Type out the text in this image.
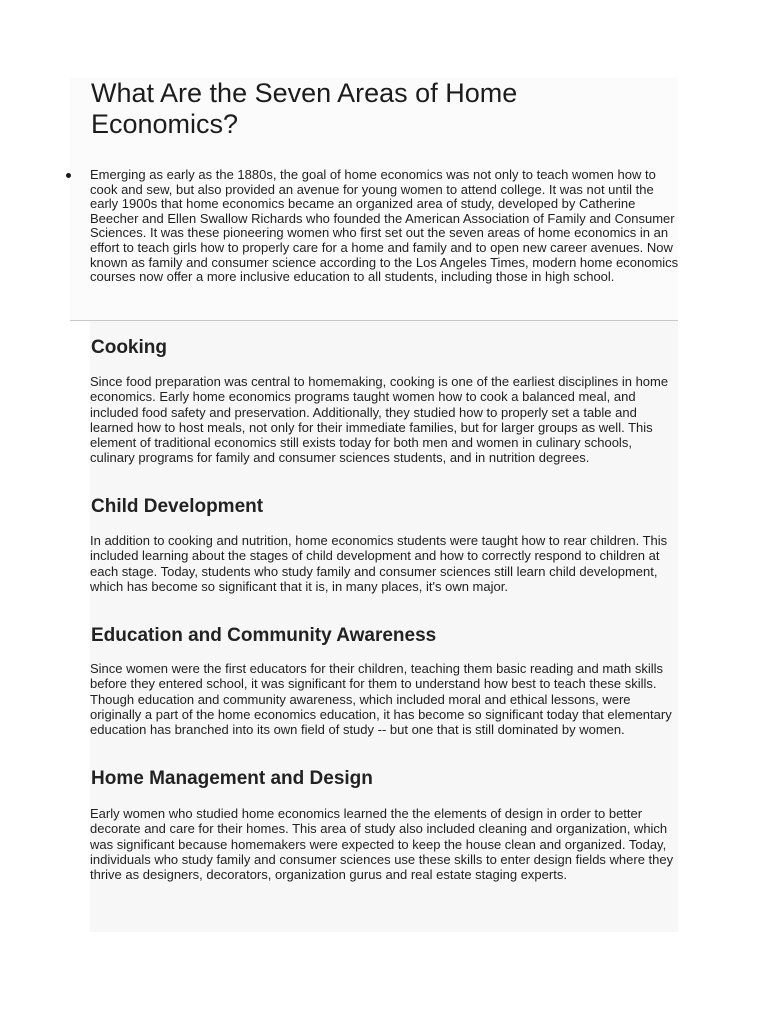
What Are the Seven Areas of Home Economics?

Emerging as early as the 1880s, the goal of home economics was not only to teach women how to cook and sew, but also provided an avenue for young women to attend college. It was not until the early 1900s that home economics became an organized area of study, developed by Catherine Beecher and Ellen Swallow Richards who founded the American Association of Family and Consumer Sciences. It was these pioneering women who first set out the seven areas of home economics in an effort to teach girls how to properly care for a home and family and to open new career avenues. Now known as family and consumer science according to the Los Angeles Times, modern home economics courses now offer a more inclusive education to all students, including those in high school.

Cooking

Since food preparation was central to homemaking, cooking is one of the earliest disciplines in home economics. Early home economics programs taught women how to cook a balanced meal, and included food safety and preservation. Additionally, they studied how to properly set a table and learned how to host meals, not only for their immediate families, but for larger groups as well. This element of traditional economics still exists today for both men and women in culinary schools, culinary programs for family and consumer sciences students, and in nutrition degrees.

Child Development

In addition to cooking and nutrition, home economics students were taught how to rear children. This included learning about the stages of child development and how to correctly respond to children at each stage. Today, students who study family and consumer sciences still learn child development, which has become so significant that it is, in many places, it's own major.

Education and Community Awareness

Since women were the first educators for their children, teaching them basic reading and math skills before they entered school, it was significant for them to understand how best to teach these skills. Though education and community awareness, which included moral and ethical lessons, were originally a part of the home economics education, it has become so significant today that elementary education has branched into its own field of study -- but one that is still dominated by women.

Home Management and Design

Early women who studied home economics learned the the elements of design in order to better decorate and care for their homes. This area of study also included cleaning and organization, which was significant because homemakers were expected to keep the house clean and organized. Today, individuals who study family and consumer sciences use these skills to enter design fields where they thrive as designers, decorators, organization gurus and real estate staging experts.
